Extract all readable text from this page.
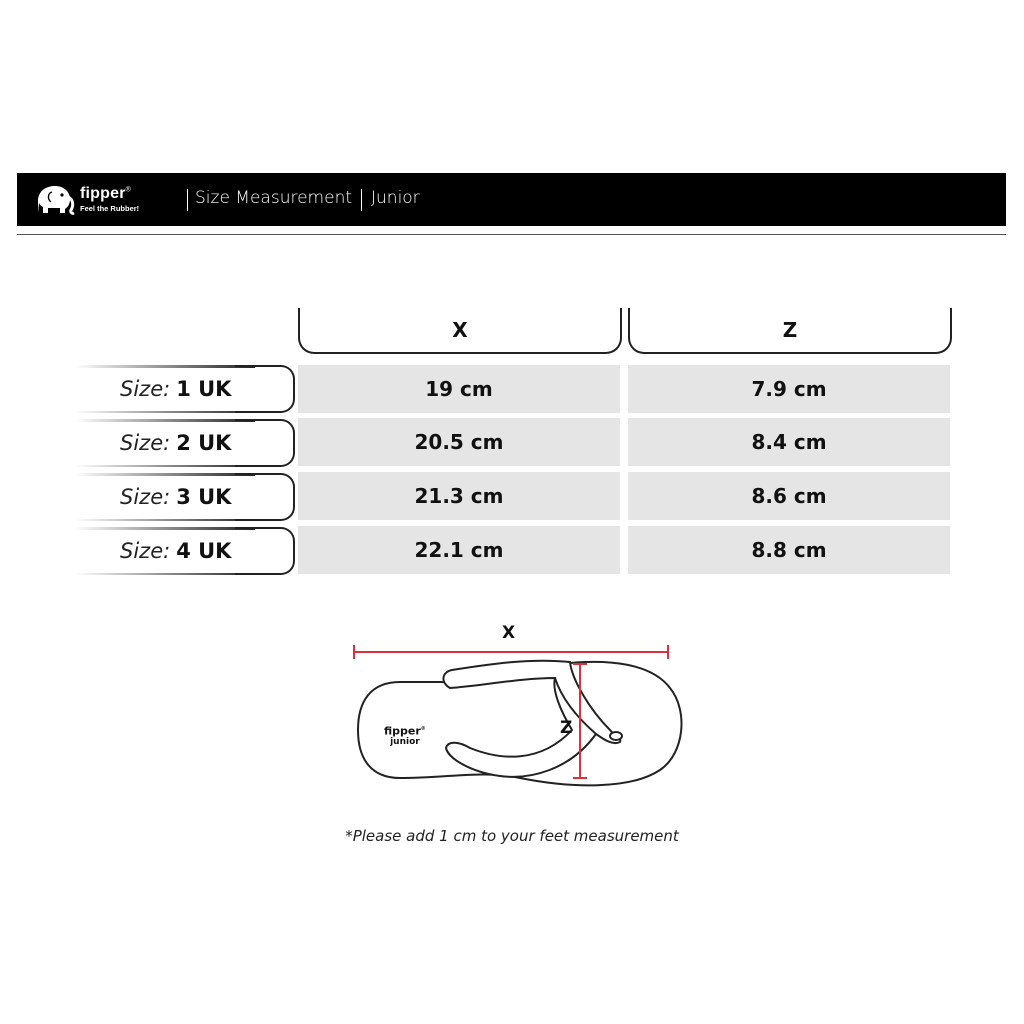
fipper®
Feel the Rubber!
Size Measurement Junior
X	Z
Size: 1 UK	19 cm	7.9 cm
Size: 2 UK	20.5 cm	8.4 cm
Size: 3 UK	21.3 cm	8.6 cm
Size: 4 UK	22.1 cm	8.8 cm
X
Z
fipper®
junior
*Please add 1 cm to your feet measurement
